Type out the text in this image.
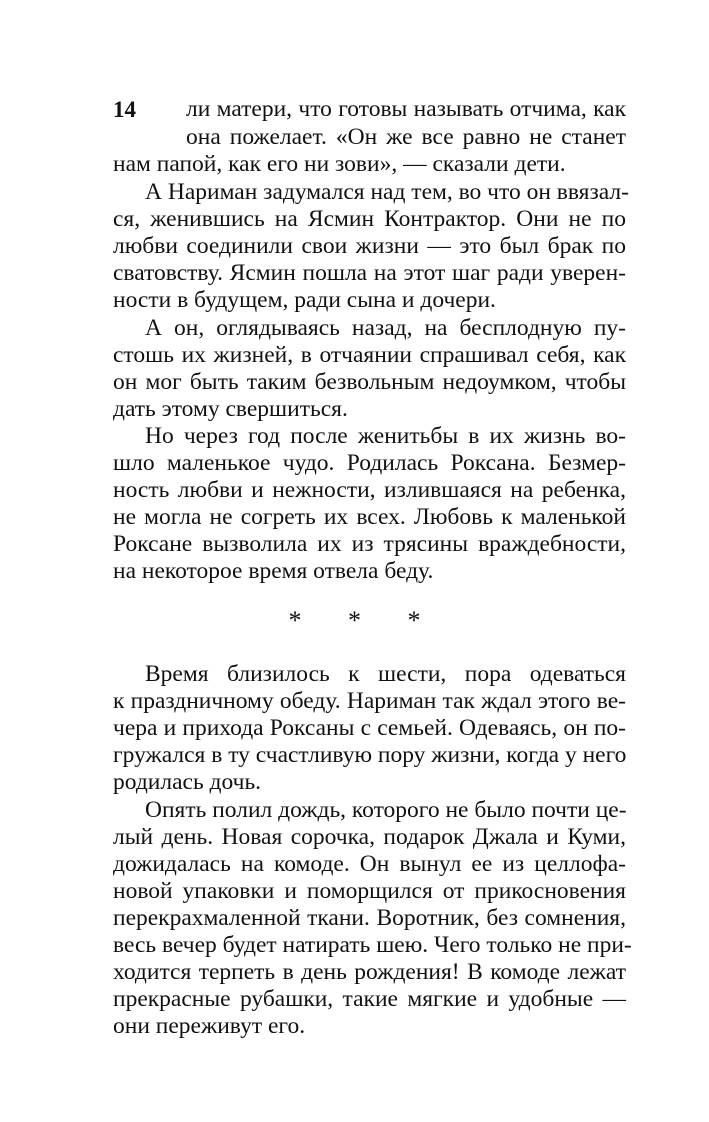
14 ли матери, что готовы называть отчима, как
она пожелает. «Он же все равно не станет
нам папой, как его ни зови», — сказали дети.
А Нариман задумался над тем, во что он ввязал-
ся, женившись на Ясмин Контрактор. Они не по
любви соединили свои жизни — это был брак по
сватовству. Ясмин пошла на этот шаг ради уверен-
ности в будущем, ради сына и дочери.
А он, оглядываясь назад, на бесплодную пу-
стошь их жизней, в отчаянии спрашивал себя, как
он мог быть таким безвольным недоумком, чтобы
дать этому свершиться.
Но через год после женитьбы в их жизнь во-
шло маленькое чудо. Родилась Роксана. Безмер-
ность любви и нежности, излившаяся на ребенка,
не могла не согреть их всех. Любовь к маленькой
Роксане вызволила их из трясины враждебности,
на некоторое время отвела беду.
* * *
Время близилось к шести, пора одеваться
к праздничному обеду. Нариман так ждал этого ве-
чера и прихода Роксаны с семьей. Одеваясь, он по-
гружался в ту счастливую пору жизни, когда у него
родилась дочь.
Опять полил дождь, которого не было почти це-
лый день. Новая сорочка, подарок Джала и Куми,
дожидалась на комоде. Он вынул ее из целлофа-
новой упаковки и поморщился от прикосновения
перекрахмаленной ткани. Воротник, без сомнения,
весь вечер будет натирать шею. Чего только не при-
ходится терпеть в день рождения! В комоде лежат
прекрасные рубашки, такие мягкие и удобные —
они переживут его.
